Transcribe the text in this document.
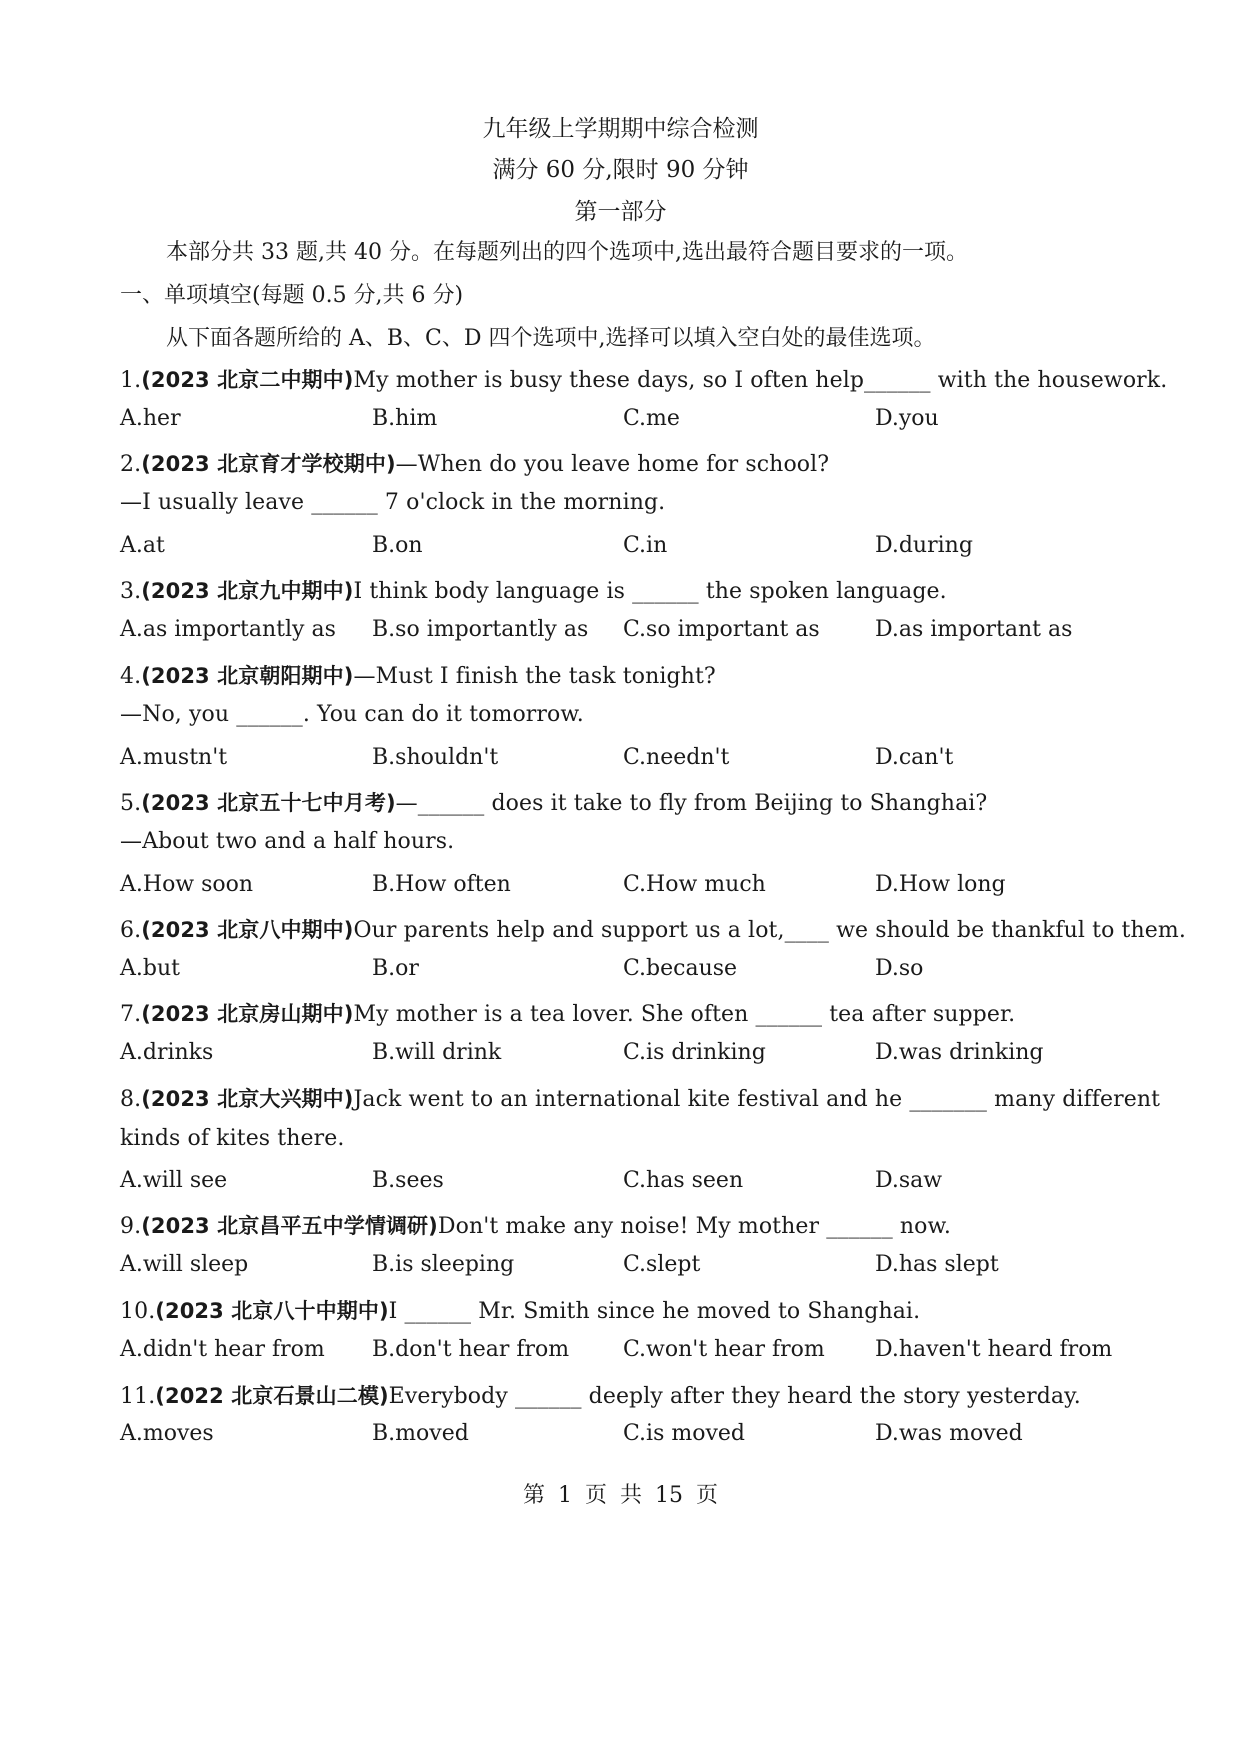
九年级上学期期中综合检测
满分 60 分,限时 90 分钟
第一部分
本部分共 33 题,共 40 分。在每题列出的四个选项中,选出最符合题目要求的一项。
一、单项填空(每题 0.5 分,共 6 分)
从下面各题所给的 A、B、C、D 四个选项中,选择可以填入空白处的最佳选项。
1.(2023 北京二中期中)My mother is busy these days, so I often help______ with the housework.
A.her	B.him	C.me	D.you
2.(2023 北京育才学校期中)—When do you leave home for school?
—I usually leave ______ 7 o'clock in the morning.
A.at	B.on	C.in	D.during
3.(2023 北京九中期中)I think body language is ______ the spoken language.
A.as importantly as B.so importantly as C.so important as	D.as important as
4.(2023 北京朝阳期中)—Must I finish the task tonight?
—No, you ______. You can do it tomorrow.
A.mustn't	B.shouldn't	C.needn't	D.can't
5.(2023 北京五十七中月考)—______ does it take to fly from Beijing to Shanghai?
—About two and a half hours.
A.How soon	B.How often	C.How much	D.How long
6.(2023 北京八中期中)Our parents help and support us a lot,____ we should be thankful to them.
A.but	B.or	C.because	D.so
7.(2023 北京房山期中)My mother is a tea lover. She often ______ tea after supper.
A.drinks	B.will drink	C.is drinking	D.was drinking
8.(2023 北京大兴期中)Jack went to an international kite festival and he _______ many different
kinds of kites there.
A.will see	B.sees	C.has seen	D.saw
9.(2023 北京昌平五中学情调研)Don't make any noise! My mother ______ now.
A.will sleep	B.is sleeping	C.slept	D.has slept
10.(2023 北京八十中期中)I ______ Mr. Smith since he moved to Shanghai.
A.didn't hear from B.don't hear from C.won't hear from D.haven't heard from
11.(2022 北京石景山二模)Everybody ______ deeply after they heard the story yesterday.
A.moves	B.moved	C.is moved	D.was moved
第 1 页 共 15 页
